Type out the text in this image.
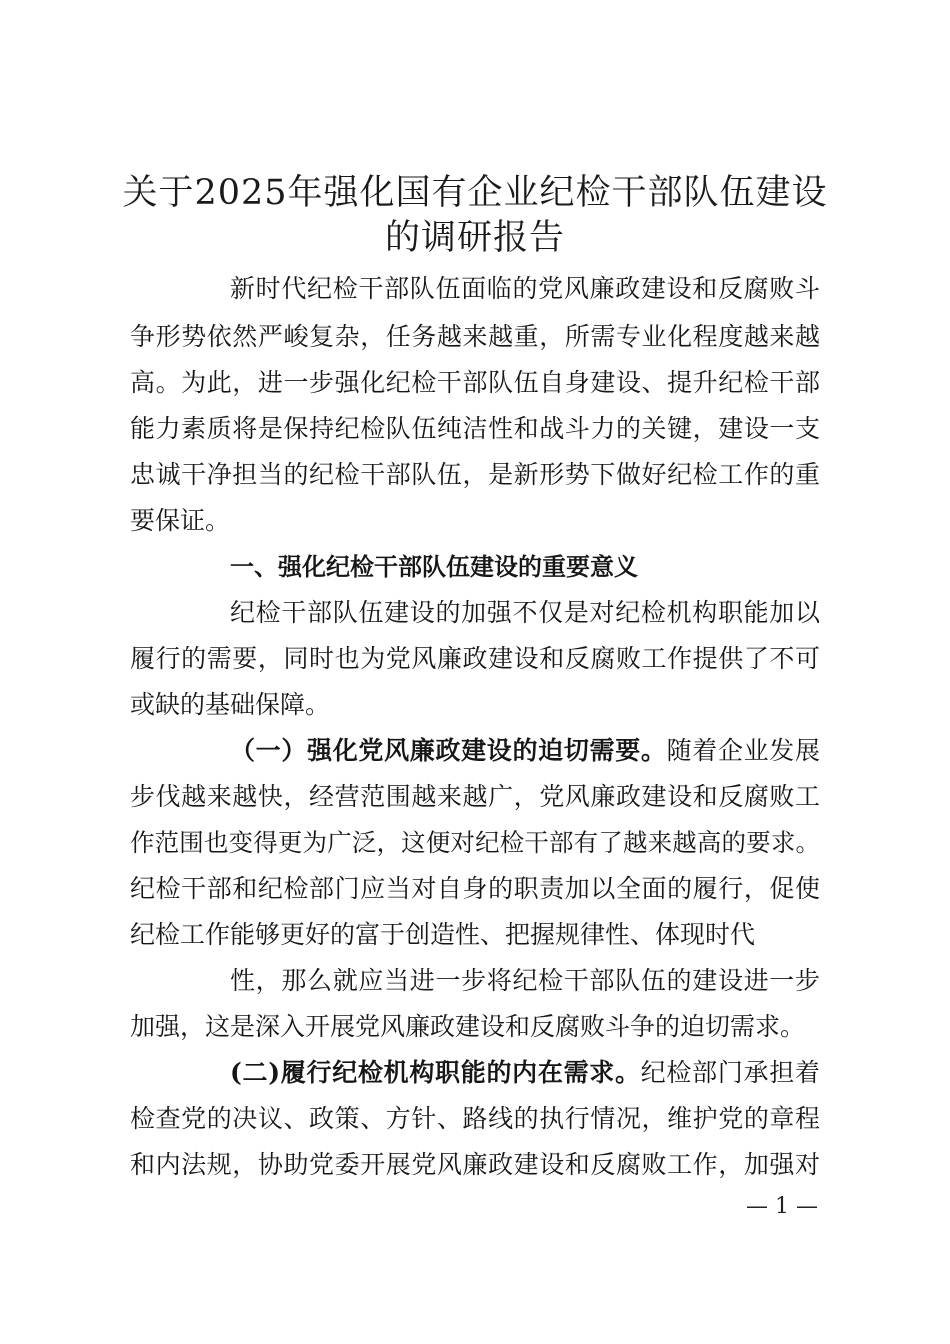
关于2025年强化国有企业纪检干部队伍建设
的调研报告
新时代纪检干部队伍面临的党风廉政建设和反腐败斗
争形势依然严峻复杂，任务越来越重，所需专业化程度越来越
高。为此，进一步强化纪检干部队伍自身建设、提升纪检干部
能力素质将是保持纪检队伍纯洁性和战斗力的关键，建设一支
忠诚干净担当的纪检干部队伍，是新形势下做好纪检工作的重
要保证。
一、强化纪检干部队伍建设的重要意义
纪检干部队伍建设的加强不仅是对纪检机构职能加以
履行的需要，同时也为党风廉政建设和反腐败工作提供了不可
或缺的基础保障。
（一）强化党风廉政建设的迫切需要。随着企业发展
步伐越来越快，经营范围越来越广，党风廉政建设和反腐败工
作范围也变得更为广泛，这便对纪检干部有了越来越高的要求。
纪检干部和纪检部门应当对自身的职责加以全面的履行，促使
纪检工作能够更好的富于创造性、把握规律性、体现时代
性，那么就应当进一步将纪检干部队伍的建设进一步
加强，这是深入开展党风廉政建设和反腐败斗争的迫切需求。
(二)履行纪检机构职能的内在需求。纪检部门承担着
检查党的决议、政策、方针、路线的执行情况，维护党的章程
和内法规，协助党委开展党风廉政建设和反腐败工作，加强对
— 1 —
